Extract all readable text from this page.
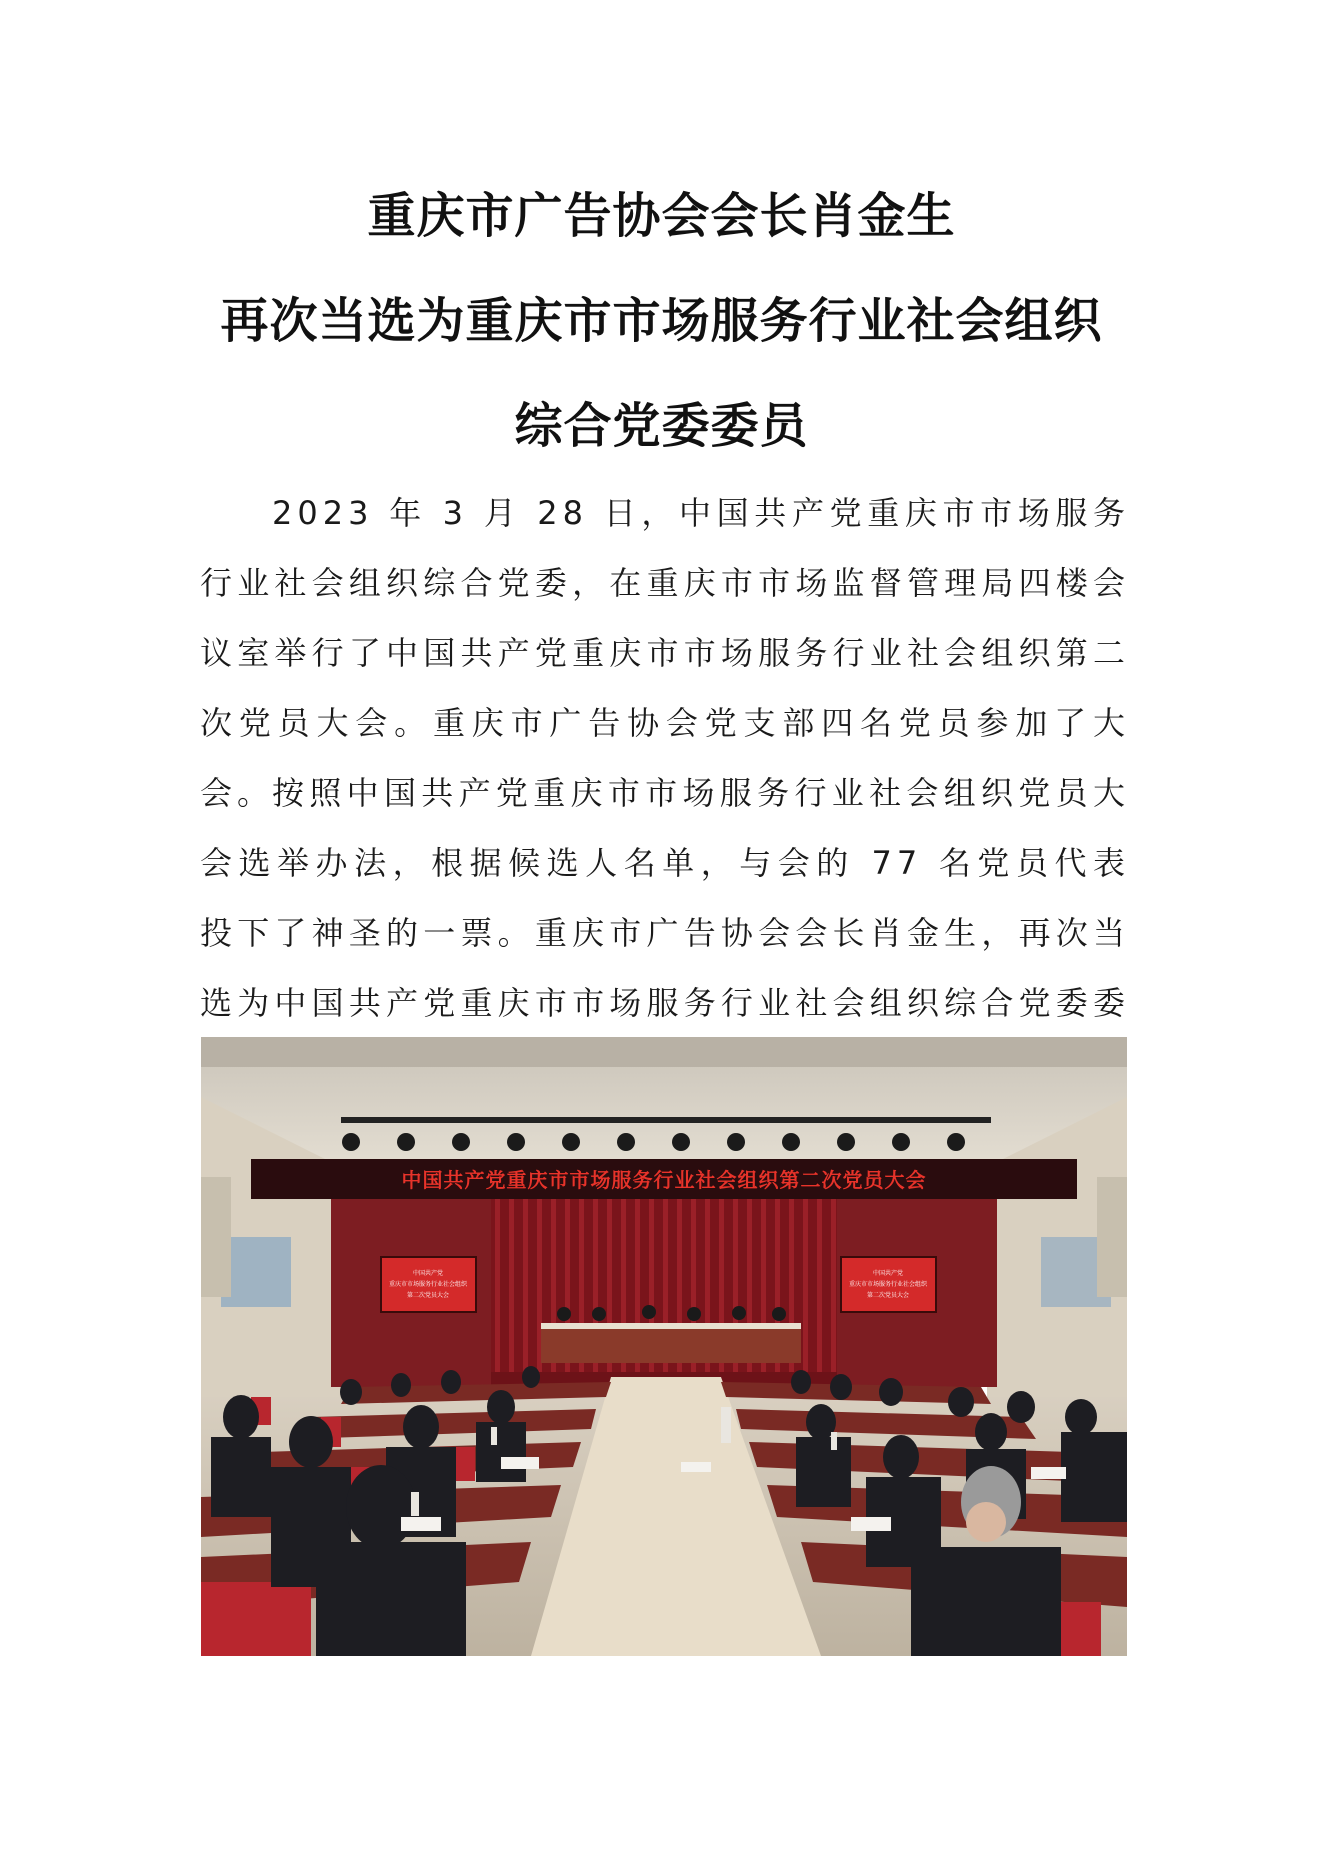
重庆市广告协会会长肖金生
再次当选为重庆市市场服务行业社会组织
综合党委委员

2023 年 3 月 28 日，中国共产党重庆市市场服务行业社会组织综合党委，在重庆市市场监督管理局四楼会议室举行了中国共产党重庆市市场服务行业社会组织第二次党员大会。重庆市广告协会党支部四名党员参加了大会。

按照中国共产党重庆市市场服务行业社会组织党员大会选举办法，根据候选人名单，与会的 77 名党员代表投下了神圣的一票。重庆市广告协会会长肖金生，再次当选为中国共产党重庆市市场服务行业社会组织综合党委委

中国共产党重庆市市场服务行业社会组织第二次党员大会
中国共产党
重庆市市场服务行业社会组织
第二次党员大会
中国共产党
重庆市市场服务行业社会组织
第二次党员大会
